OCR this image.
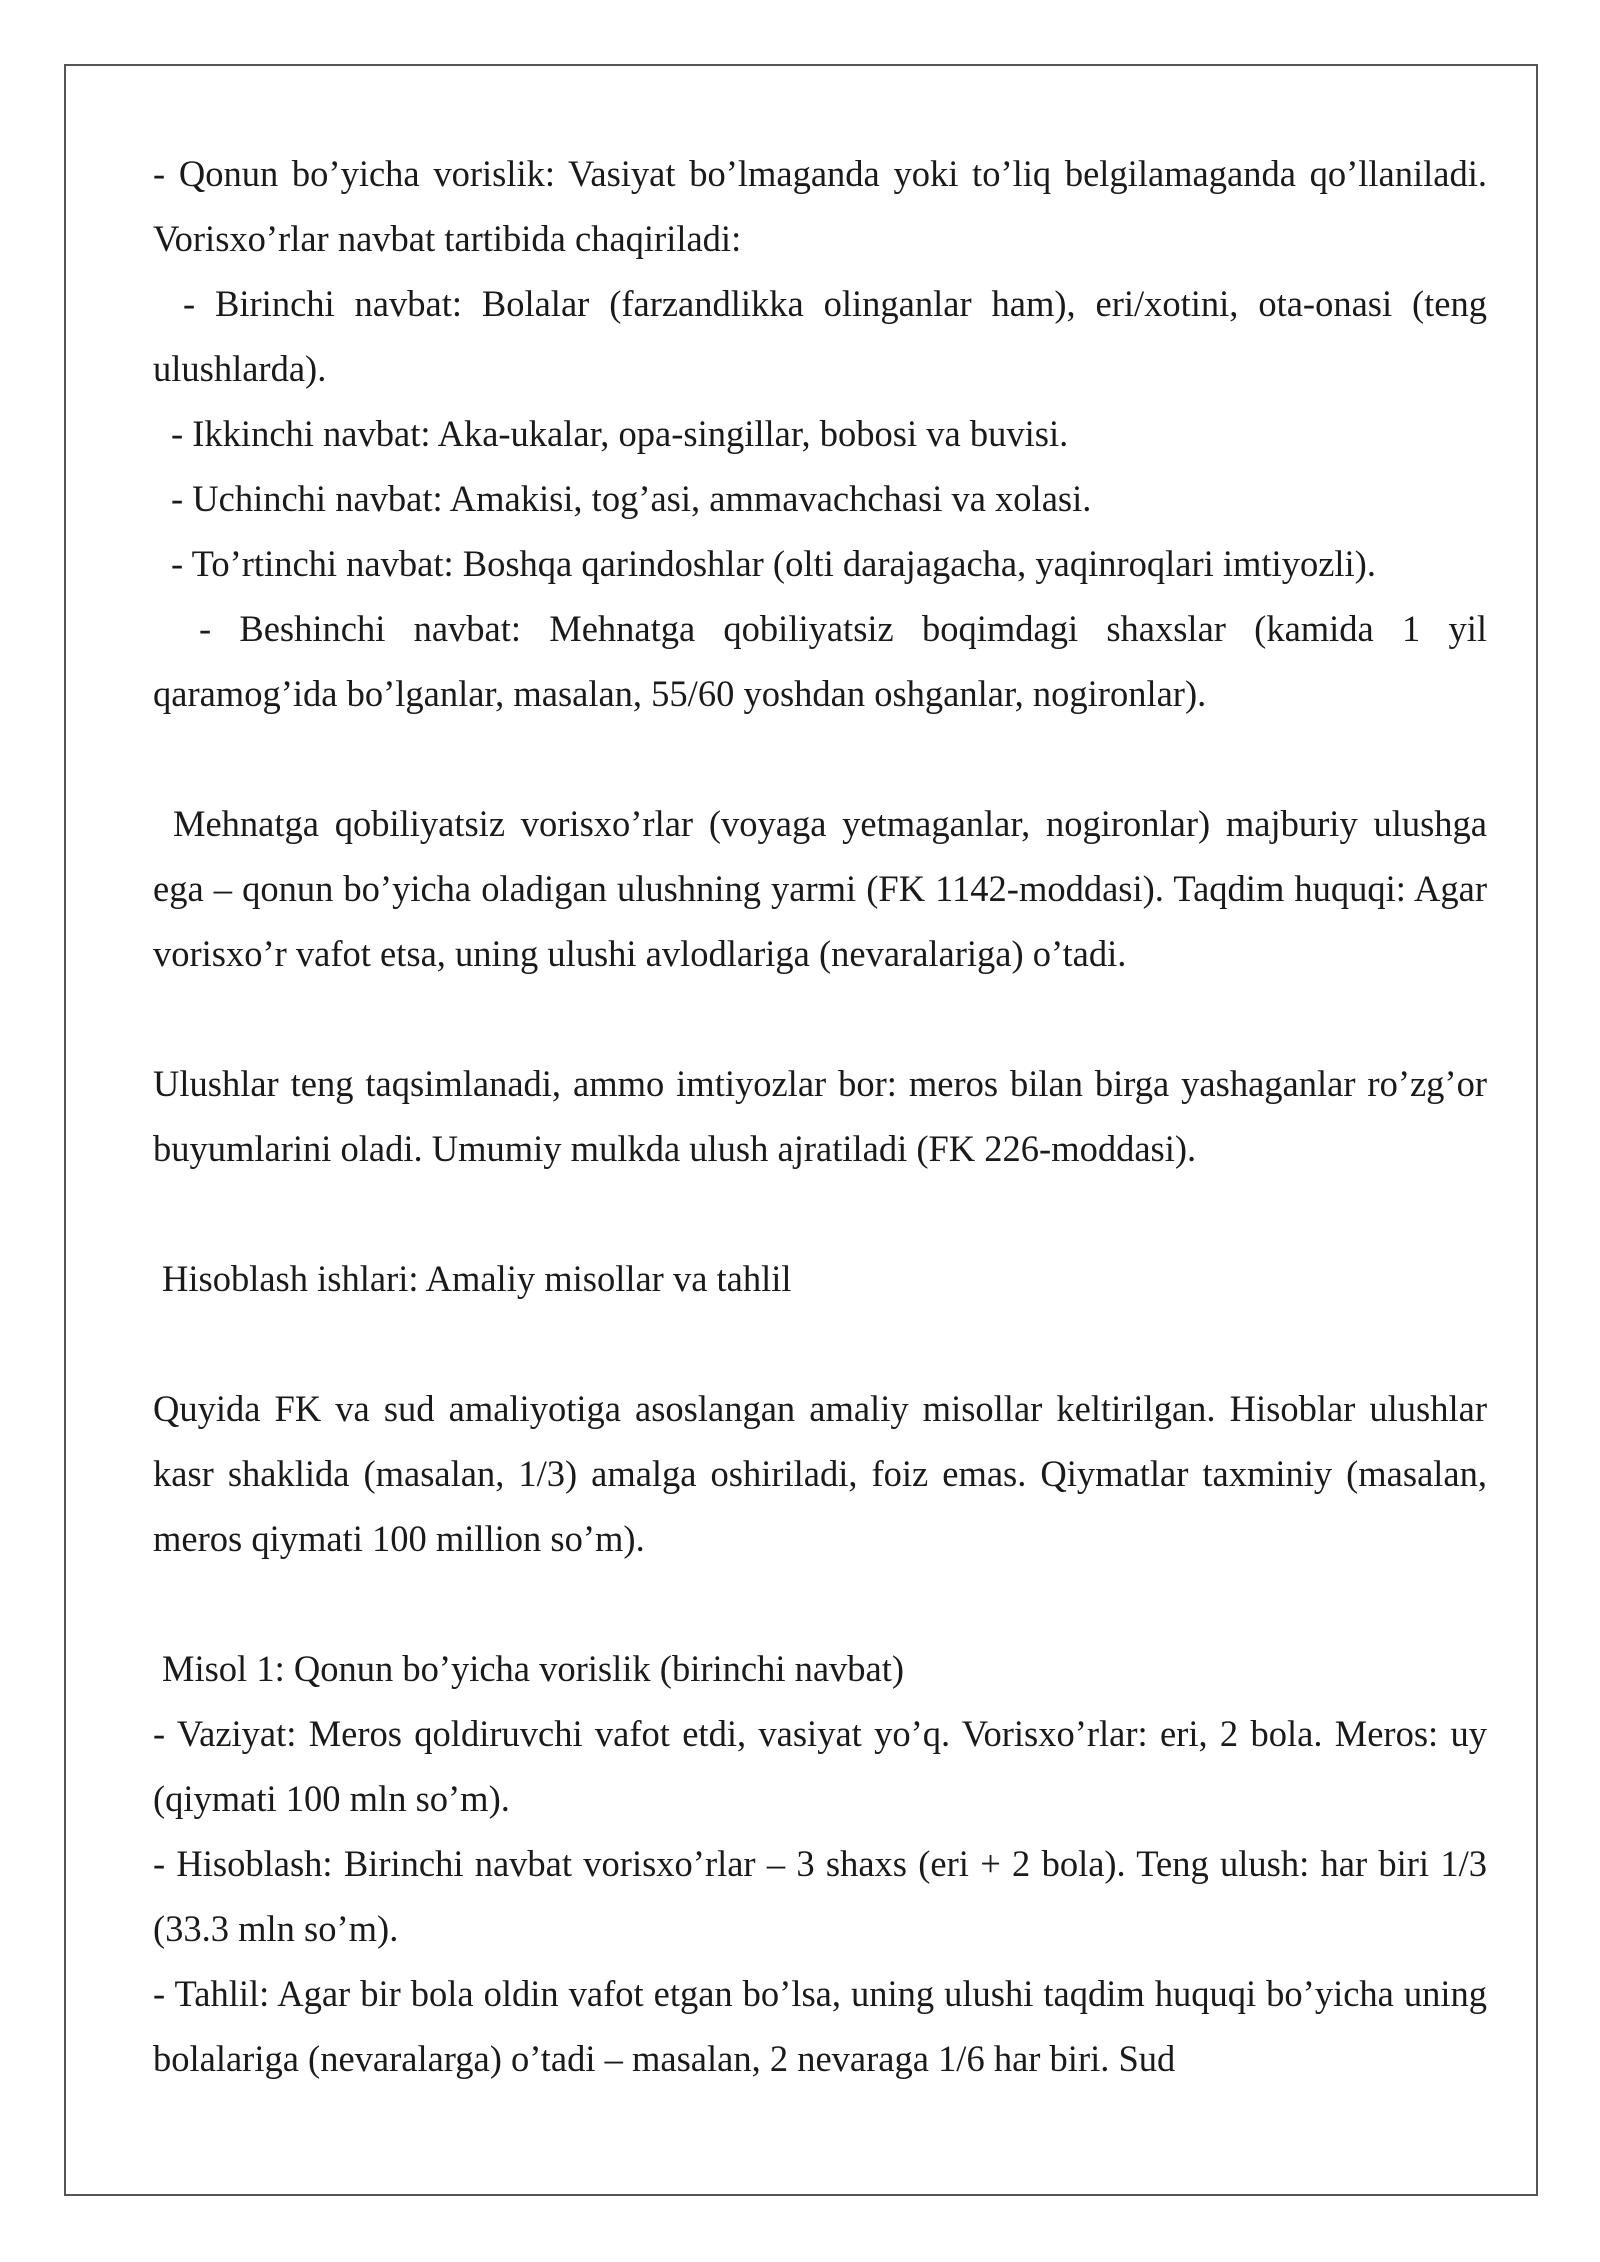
- Qonun bo’yicha vorislik: Vasiyat bo’lmaganda yoki to’liq belgilamaganda qo’llaniladi. Vorisxo’rlar navbat tartibida chaqiriladi:

- Birinchi navbat: Bolalar (farzandlikka olinganlar ham), eri/xotini, ota-onasi (teng ulushlarda).

- Ikkinchi navbat: Aka-ukalar, opa-singillar, bobosi va buvisi.

- Uchinchi navbat: Amakisi, tog’asi, ammavachchasi va xolasi.

- To’rtinchi navbat: Boshqa qarindoshlar (olti darajagacha, yaqinroqlari imtiyozli).

- Beshinchi navbat: Mehnatga qobiliyatsiz boqimdagi shaxslar (kamida 1 yil qaramog’ida bo’lganlar, masalan, 55/60 yoshdan oshganlar, nogironlar).

Mehnatga qobiliyatsiz vorisxo’rlar (voyaga yetmaganlar, nogironlar) majburiy ulushga ega – qonun bo’yicha oladigan ulushning yarmi (FK 1142-moddasi). Taqdim huquqi: Agar vorisxo’r vafot etsa, uning ulushi avlodlariga (nevaralariga) o’tadi.

Ulushlar teng taqsimlanadi, ammo imtiyozlar bor: meros bilan birga yashaganlar ro’zg’or buyumlarini oladi. Umumiy mulkda ulush ajratiladi (FK 226-moddasi).

Hisoblash ishlari: Amaliy misollar va tahlil

Quyida FK va sud amaliyotiga asoslangan amaliy misollar keltirilgan. Hisoblar ulushlar kasr shaklida (masalan, 1/3) amalga oshiriladi, foiz emas. Qiymatlar taxminiy (masalan, meros qiymati 100 million so’m).

Misol 1: Qonun bo’yicha vorislik (birinchi navbat)

- Vaziyat: Meros qoldiruvchi vafot etdi, vasiyat yo’q. Vorisxo’rlar: eri, 2 bola. Meros: uy (qiymati 100 mln so’m).

- Hisoblash: Birinchi navbat vorisxo’rlar – 3 shaxs (eri + 2 bola). Teng ulush: har biri 1/3 (33.3 mln so’m).

- Tahlil: Agar bir bola oldin vafot etgan bo’lsa, uning ulushi taqdim huquqi bo’yicha uning bolalariga (nevaralarga) o’tadi – masalan, 2 nevaraga 1/6 har biri. Sud
